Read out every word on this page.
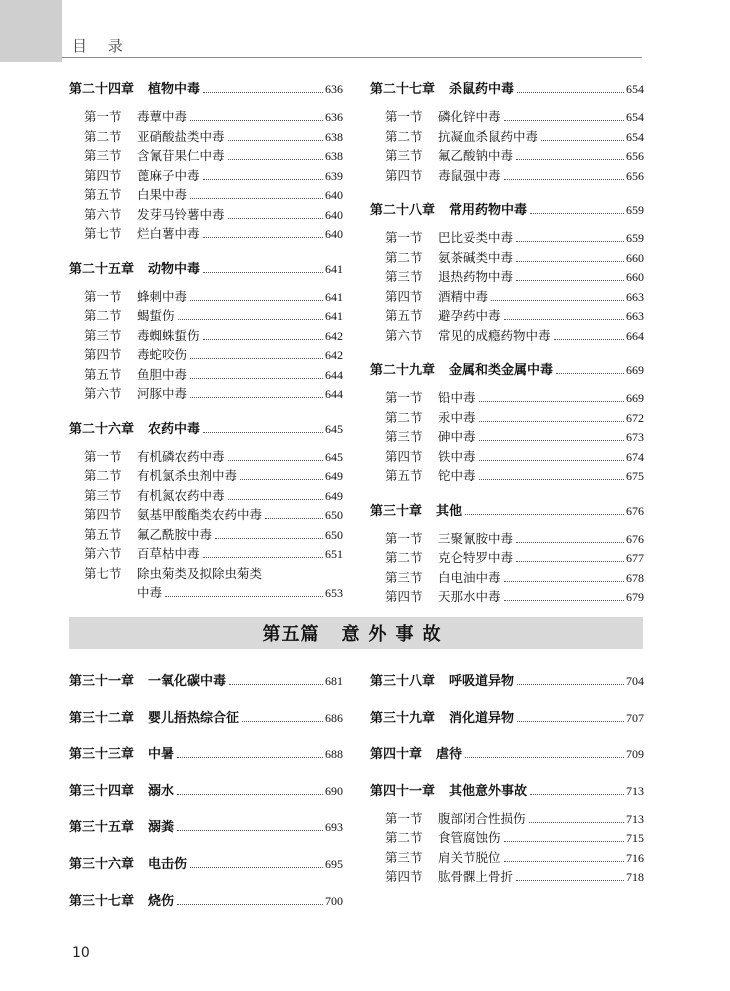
目 录
第二十四章 植物中毒	636
第一节	毒蕈中毒	636
第二节	亚硝酸盐类中毒	638
第三节	含氰苷果仁中毒	638
第四节	蓖麻子中毒	639
第五节	白果中毒	640
第六节	发芽马铃薯中毒	640
第七节	烂白薯中毒	640
第二十五章 动物中毒	641
第一节	蜂刺中毒	641
第二节	蝎蜇伤	641
第三节	毒蜘蛛蜇伤	642
第四节	毒蛇咬伤	642
第五节	鱼胆中毒	644
第六节	河豚中毒	644
第二十六章 农药中毒	645
第一节	有机磷农药中毒	645
第二节	有机氯杀虫剂中毒	649
第三节	有机氮农药中毒	649
第四节	氨基甲酸酯类农药中毒	650
第五节	氟乙酰胺中毒	650
第六节	百草枯中毒	651
第七节	除虫菊类及拟除虫菊类
中毒	653
第二十七章 杀鼠药中毒	654
第一节	磷化锌中毒	654
第二节	抗凝血杀鼠药中毒	654
第三节	氟乙酸钠中毒	656
第四节	毒鼠强中毒	656
第二十八章 常用药物中毒	659
第一节	巴比妥类中毒	659
第二节	氨茶碱类中毒	660
第三节	退热药物中毒	660
第四节	酒精中毒	663
第五节	避孕药中毒	663
第六节	常见的成瘾药物中毒	664
第二十九章 金属和类金属中毒	669
第一节	铅中毒	669
第二节	汞中毒	672
第三节	砷中毒	673
第四节	铁中毒	674
第五节	铊中毒	675
第三十章 其他	676
第一节	三聚氰胺中毒	676
第二节	克仑特罗中毒	677
第三节	白电油中毒	678
第四节	天那水中毒	679
第五篇 意外事故
第三十一章 一氧化碳中毒	681
第三十二章 婴儿捂热综合征	686
第三十三章 中暑	688
第三十四章 溺水	690
第三十五章 溺粪	693
第三十六章 电击伤	695
第三十七章 烧伤	700
第三十八章 呼吸道异物	704
第三十九章 消化道异物	707
第四十章 虐待	709
第四十一章 其他意外事故	713
第一节	腹部闭合性损伤	713
第二节	食管腐蚀伤	715
第三节	肩关节脱位	716
第四节	肱骨髁上骨折	718
10
